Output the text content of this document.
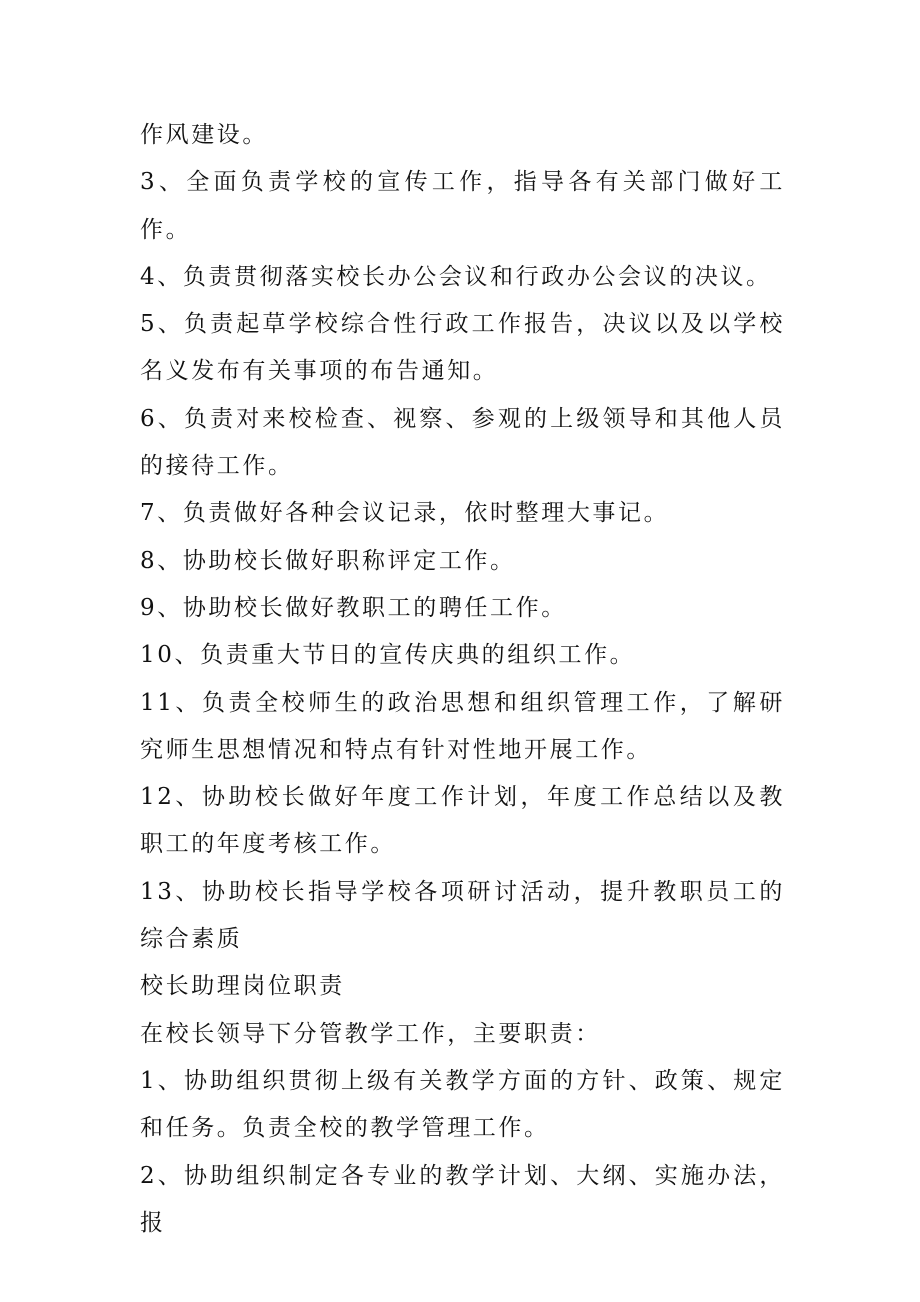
作风建设。

3、全面负责学校的宣传工作，指导各有关部门做好工作。

4、负责贯彻落实校长办公会议和行政办公会议的决议。

5、负责起草学校综合性行政工作报告，决议以及以学校名义发布有关事项的布告通知。

6、负责对来校检查、视察、参观的上级领导和其他人员的接待工作。

7、负责做好各种会议记录，依时整理大事记。

8、协助校长做好职称评定工作。

9、协助校长做好教职工的聘任工作。

10、负责重大节日的宣传庆典的组织工作。

11、负责全校师生的政治思想和组织管理工作，了解研究师生思想情况和特点有针对性地开展工作。

12、协助校长做好年度工作计划，年度工作总结以及教职工的年度考核工作。

13、协助校长指导学校各项研讨活动，提升教职员工的综合素质

校长助理岗位职责

在校长领导下分管教学工作，主要职责：

1、协助组织贯彻上级有关教学方面的方针、政策、规定和任务。负责全校的教学管理工作。

2、协助组织制定各专业的教学计划、大纲、实施办法，报
